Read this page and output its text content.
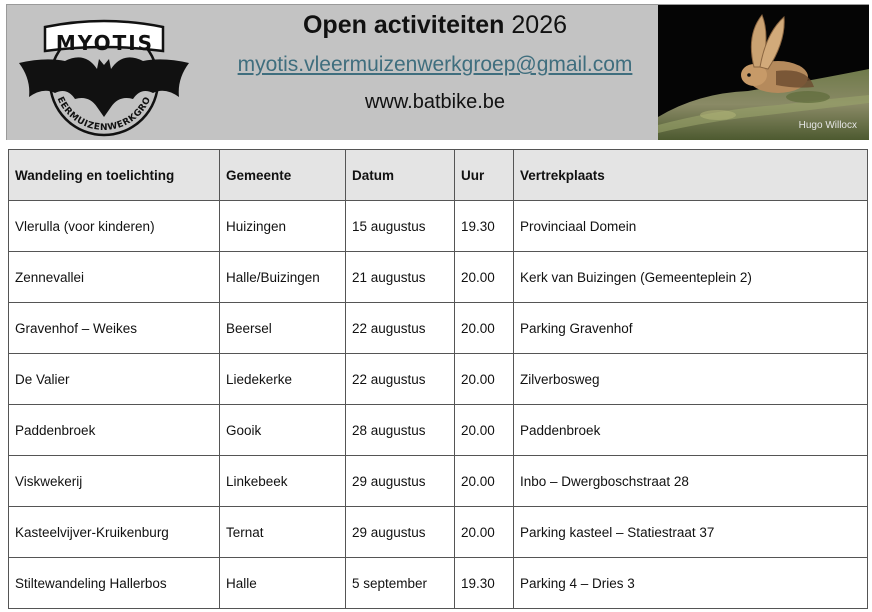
EERMUIZENWERKGRO
MYOTIS
Open activiteiten 2026
myotis.vleermuizenwerkgroep@gmail.com
www.batbike.be
Hugo Willocx
Wandeling en toelichting	Gemeente	Datum	Uur	Vertrekplaats
Vlerulla (voor kinderen)	Huizingen	15 augustus	19.30	Provinciaal Domein
Zennevallei	Halle/Buizingen	21 augustus	20.00	Kerk van Buizingen (Gemeenteplein 2)
Gravenhof – Weikes	Beersel	22 augustus	20.00	Parking Gravenhof
De Valier	Liedekerke	22 augustus	20.00	Zilverbosweg
Paddenbroek	Gooik	28 augustus	20.00	Paddenbroek
Viskwekerij	Linkebeek	29 augustus	20.00	Inbo – Dwergboschstraat 28
Kasteelvijver-Kruikenburg	Ternat	29 augustus	20.00	Parking kasteel – Statiestraat 37
Stiltewandeling Hallerbos	Halle	5 september	19.30	Parking 4 – Dries 3
